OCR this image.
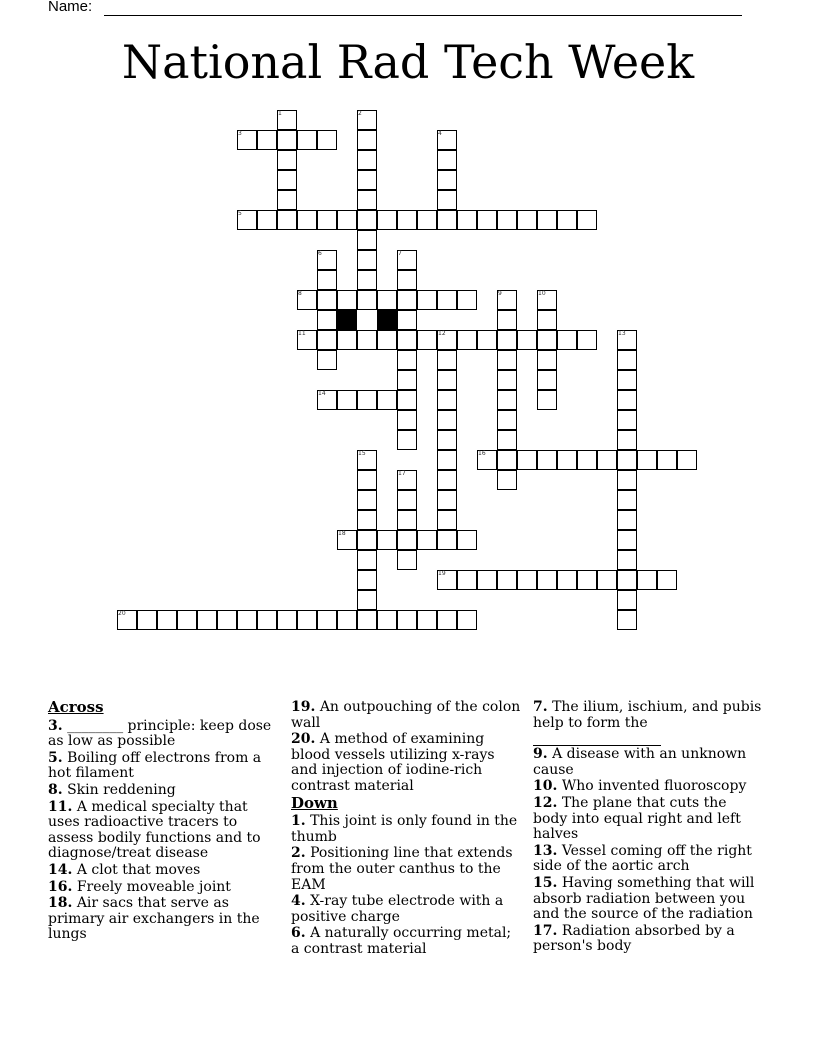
Name:
National Rad Tech Week
1	2
3	4
5
6	7
8	9	10
11	12	13
14
15	16
17
18
19
20
Across
3. ________ principle: keep dose as low as possible
5. Boiling off electrons from a hot filament
8. Skin reddening
11. A medical specialty that uses radioactive tracers to assess bodily functions and to diagnose/treat disease
14. A clot that moves
16. Freely moveable joint
18. Air sacs that serve as primary air exchangers in the lungs
19. An outpouching of the colon wall
20. A method of examining blood vessels utilizing x-rays and injection of iodine-rich contrast material
Down
1. This joint is only found in the thumb
2. Positioning line that extends from the outer canthus to the EAM
4. X-ray tube electrode with a positive charge
6. A naturally occurring metal; a contrast material
7. The ilium, ischium, and pubis help to form the
9. A disease with an unknown cause
10. Who invented fluoroscopy
12. The plane that cuts the body into equal right and left halves
13. Vessel coming off the right side of the aortic arch
15. Having something that will absorb radiation between you and the source of the radiation
17. Radiation absorbed by a person's body
